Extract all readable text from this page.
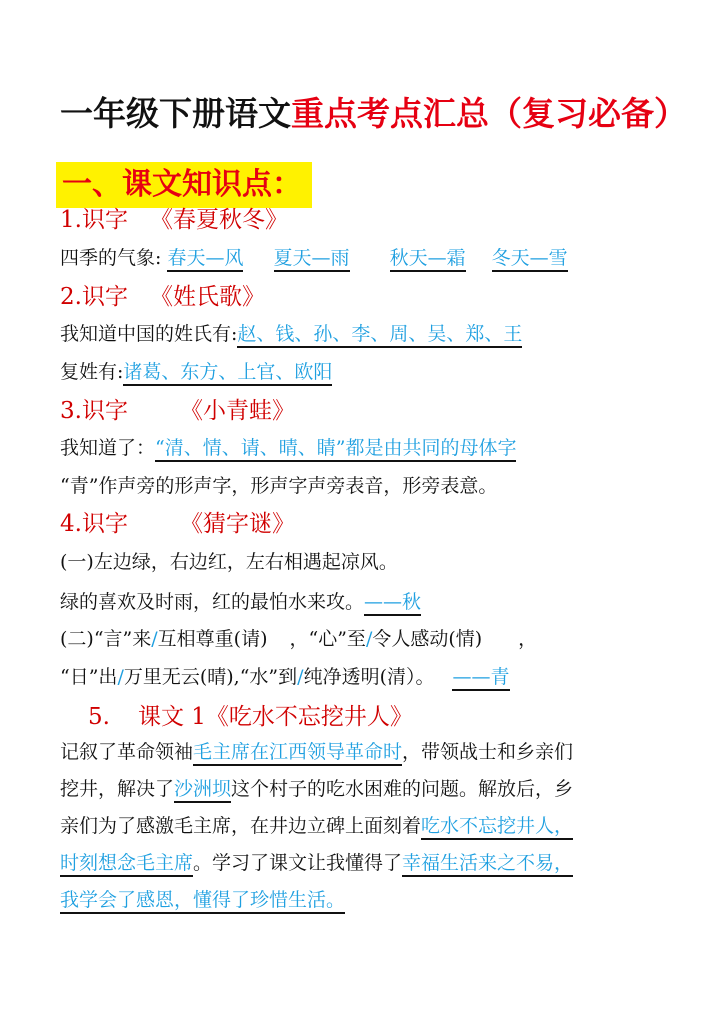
一年级下册语文重点考点汇总（复习必备）
一、课文知识点：
1.识字 《春夏秋冬》
四季的气象: 春天—风 夏天—雨 秋天—霜 冬天—雪
2.识字 《姓氏歌》
我知道中国的姓氏有:赵、钱、孙、李、周、吴、郑、王
复姓有:诸葛、东方、上官、欧阳
3.识字 《小青蛙》
我知道了：“清、情、请、晴、睛”都是由共同的母体字
“青”作声旁的形声字，形声字声旁表音，形旁表意。
4.识字 《猜字谜》
(一)左边绿，右边红，左右相遇起凉风。
绿的喜欢及时雨，红的最怕水来攻。——秋
(二)“言”来/互相尊重(请) ，“心”至/令人感动(情) ，
“日”出/万里无云(晴),“水”到/纯净透明(清）。 ——青
5. 课文 1《吃水不忘挖井人》
记叙了革命领袖毛主席在江西领导革命时，带领战士和乡亲们
挖井，解决了沙洲坝这个村子的吃水困难的问题。解放后，乡
亲们为了感激毛主席，在井边立碑上面刻着吃水不忘挖井人，
时刻想念毛主席。学习了课文让我懂得了幸福生活来之不易，
我学会了感恩，懂得了珍惜生活。
